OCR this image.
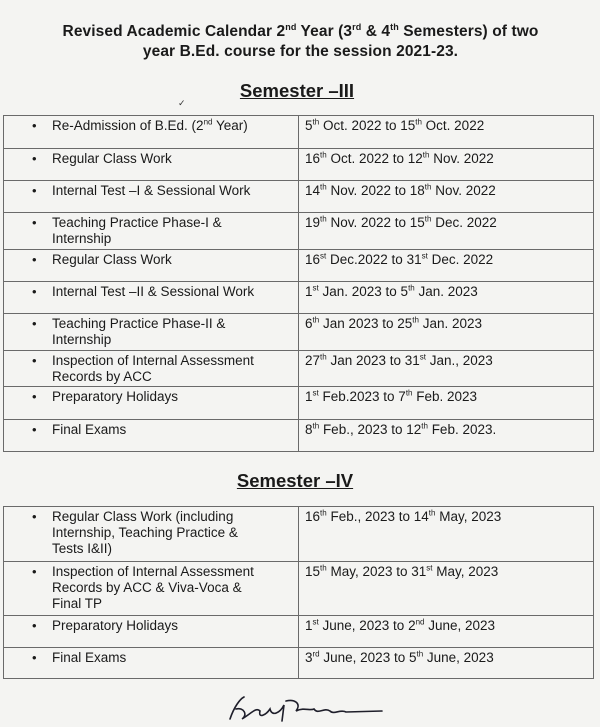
Revised Academic Calendar 2nd Year (3rd & 4th Semesters) of two
year B.Ed. course for the session 2021-23.
Semester –III
✓
• Re-Admission of B.Ed. (2nd Year)	5th Oct. 2022 to 15th Oct. 2022
• Regular Class Work	16th Oct. 2022 to 12th Nov. 2022
• Internal Test –I & Sessional Work	14th Nov. 2022 to 18th Nov. 2022
• Teaching Practice Phase-I &
Internship	19th Nov. 2022 to 15th Dec. 2022
• Regular Class Work	16st Dec.2022 to 31st Dec. 2022
• Internal Test –II & Sessional Work	1st Jan. 2023 to 5th Jan. 2023
• Teaching Practice Phase-II &
Internship	6th Jan 2023 to 25th Jan. 2023
• Inspection of Internal Assessment
Records by ACC	27th Jan 2023 to 31st Jan., 2023
• Preparatory Holidays	1st Feb.2023 to 7th Feb. 2023
• Final Exams	8th Feb., 2023 to 12th Feb. 2023.
Semester –IV
• Regular Class Work (including
Internship, Teaching Practice &
Tests I&II)	16th Feb., 2023 to 14th May, 2023
• Inspection of Internal Assessment
Records by ACC & Viva-Voca &
Final TP	15th May, 2023 to 31st May, 2023
• Preparatory Holidays	1st June, 2023 to 2nd June, 2023
• Final Exams	3rd June, 2023 to 5th June, 2023
